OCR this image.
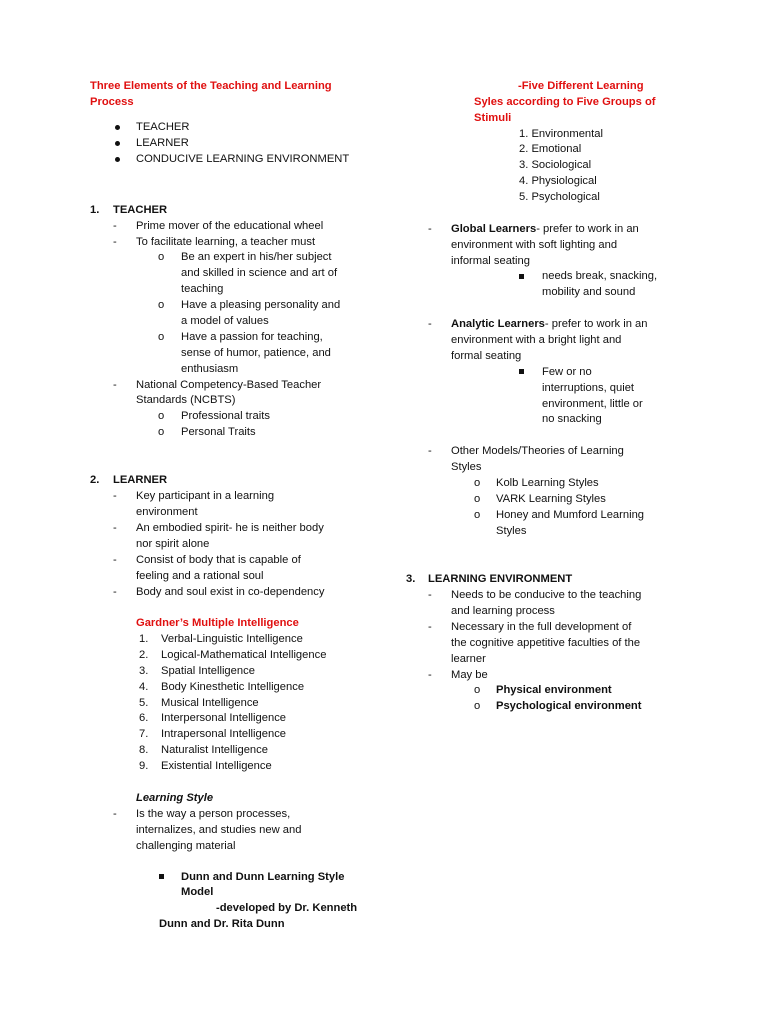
Three Elements of the Teaching and Learning
Process
TEACHER
LEARNER
CONDUCIVE LEARNING ENVIRONMENT
1. TEACHER
- Prime mover of the educational wheel
- To facilitate learning, a teacher must
o Be an expert in his/her subject
and skilled in science and art of
teaching
o Have a pleasing personality and
a model of values
o Have a passion for teaching,
sense of humor, patience, and
enthusiasm
- National Competency-Based Teacher
Standards (NCBTS)
o Professional traits
o Personal Traits
2. LEARNER
- Key participant in a learning
environment
- An embodied spirit- he is neither body
nor spirit alone
- Consist of body that is capable of
feeling and a rational soul
- Body and soul exist in co-dependency
Gardner’s Multiple Intelligence
1. Verbal-Linguistic Intelligence
2. Logical-Mathematical Intelligence
3. Spatial Intelligence
4. Body Kinesthetic Intelligence
5. Musical Intelligence
6. Interpersonal Intelligence
7. Intrapersonal Intelligence
8. Naturalist Intelligence
9. Existential Intelligence
Learning Style
- Is the way a person processes,
internalizes, and studies new and
challenging material
Dunn and Dunn Learning Style
Model
-developed by Dr. Kenneth
Dunn and Dr. Rita Dunn
-Five Different Learning
Syles according to Five Groups of
Stimuli
1. Environmental
2. Emotional
3. Sociological
4. Physiological
5. Psychological
- Global Learners- prefer to work in an
environment with soft lighting and
informal seating
needs break, snacking,
mobility and sound
- Analytic Learners- prefer to work in an
environment with a bright light and
formal seating
Few or no
interruptions, quiet
environment, little or
no snacking
- Other Models/Theories of Learning
Styles
o Kolb Learning Styles
o VARK Learning Styles
o Honey and Mumford Learning
Styles
3. LEARNING ENVIRONMENT
- Needs to be conducive to the teaching
and learning process
- Necessary in the full development of
the cognitive appetitive faculties of the
learner
- May be
o Physical environment
o Psychological environment
